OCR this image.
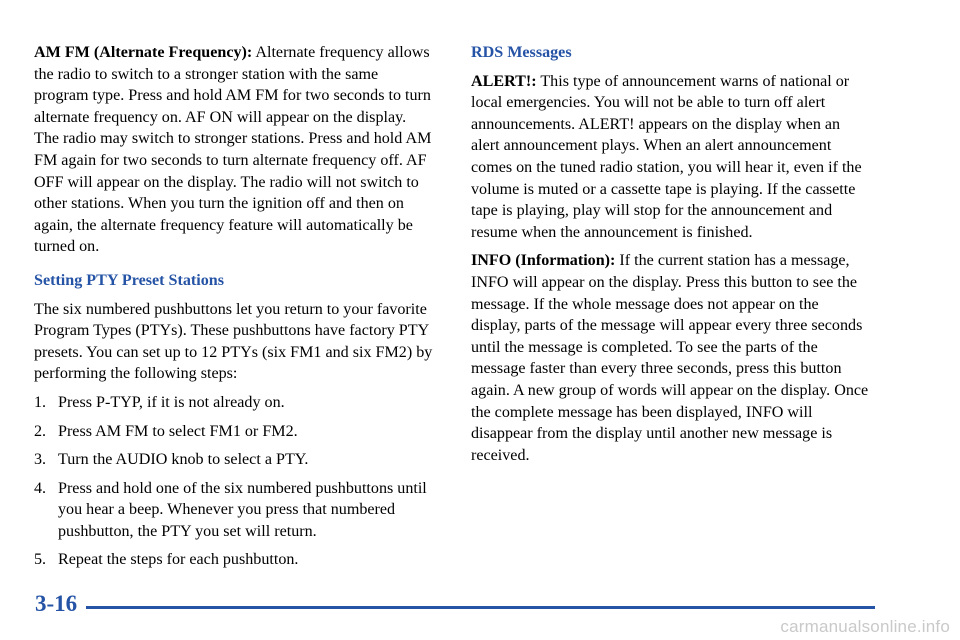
AM FM (Alternate Frequency): Alternate frequency allows the radio to switch to a stronger station with the same program type. Press and hold AM FM for two seconds to turn alternate frequency on. AF ON will appear on the display. The radio may switch to stronger stations. Press and hold AM FM again for two seconds to turn alternate frequency off. AF OFF will appear on the display. The radio will not switch to other stations. When you turn the ignition off and then on again, the alternate frequency feature will automatically be turned on.

Setting PTY Preset Stations

The six numbered pushbuttons let you return to your favorite Program Types (PTYs). These pushbuttons have factory PTY presets. You can set up to 12 PTYs (six FM1 and six FM2) by performing the following steps:

1. Press P-TYP, if it is not already on.
2. Press AM FM to select FM1 or FM2.
3. Turn the AUDIO knob to select a PTY.
4. Press and hold one of the six numbered pushbuttons until you hear a beep. Whenever you press that numbered pushbutton, the PTY you set will return.
5. Repeat the steps for each pushbutton.

RDS Messages

ALERT!: This type of announcement warns of national or local emergencies. You will not be able to turn off alert announcements. ALERT! appears on the display when an alert announcement plays. When an alert announcement comes on the tuned radio station, you will hear it, even if the volume is muted or a cassette tape is playing. If the cassette tape is playing, play will stop for the announcement and resume when the announcement is finished.

INFO (Information): If the current station has a message, INFO will appear on the display. Press this button to see the message. If the whole message does not appear on the display, parts of the message will appear every three seconds until the message is completed. To see the parts of the message faster than every three seconds, press this button again. A new group of words will appear on the display. Once the complete message has been displayed, INFO will disappear from the display until another new message is received.

3-16
carmanualsonline.info
